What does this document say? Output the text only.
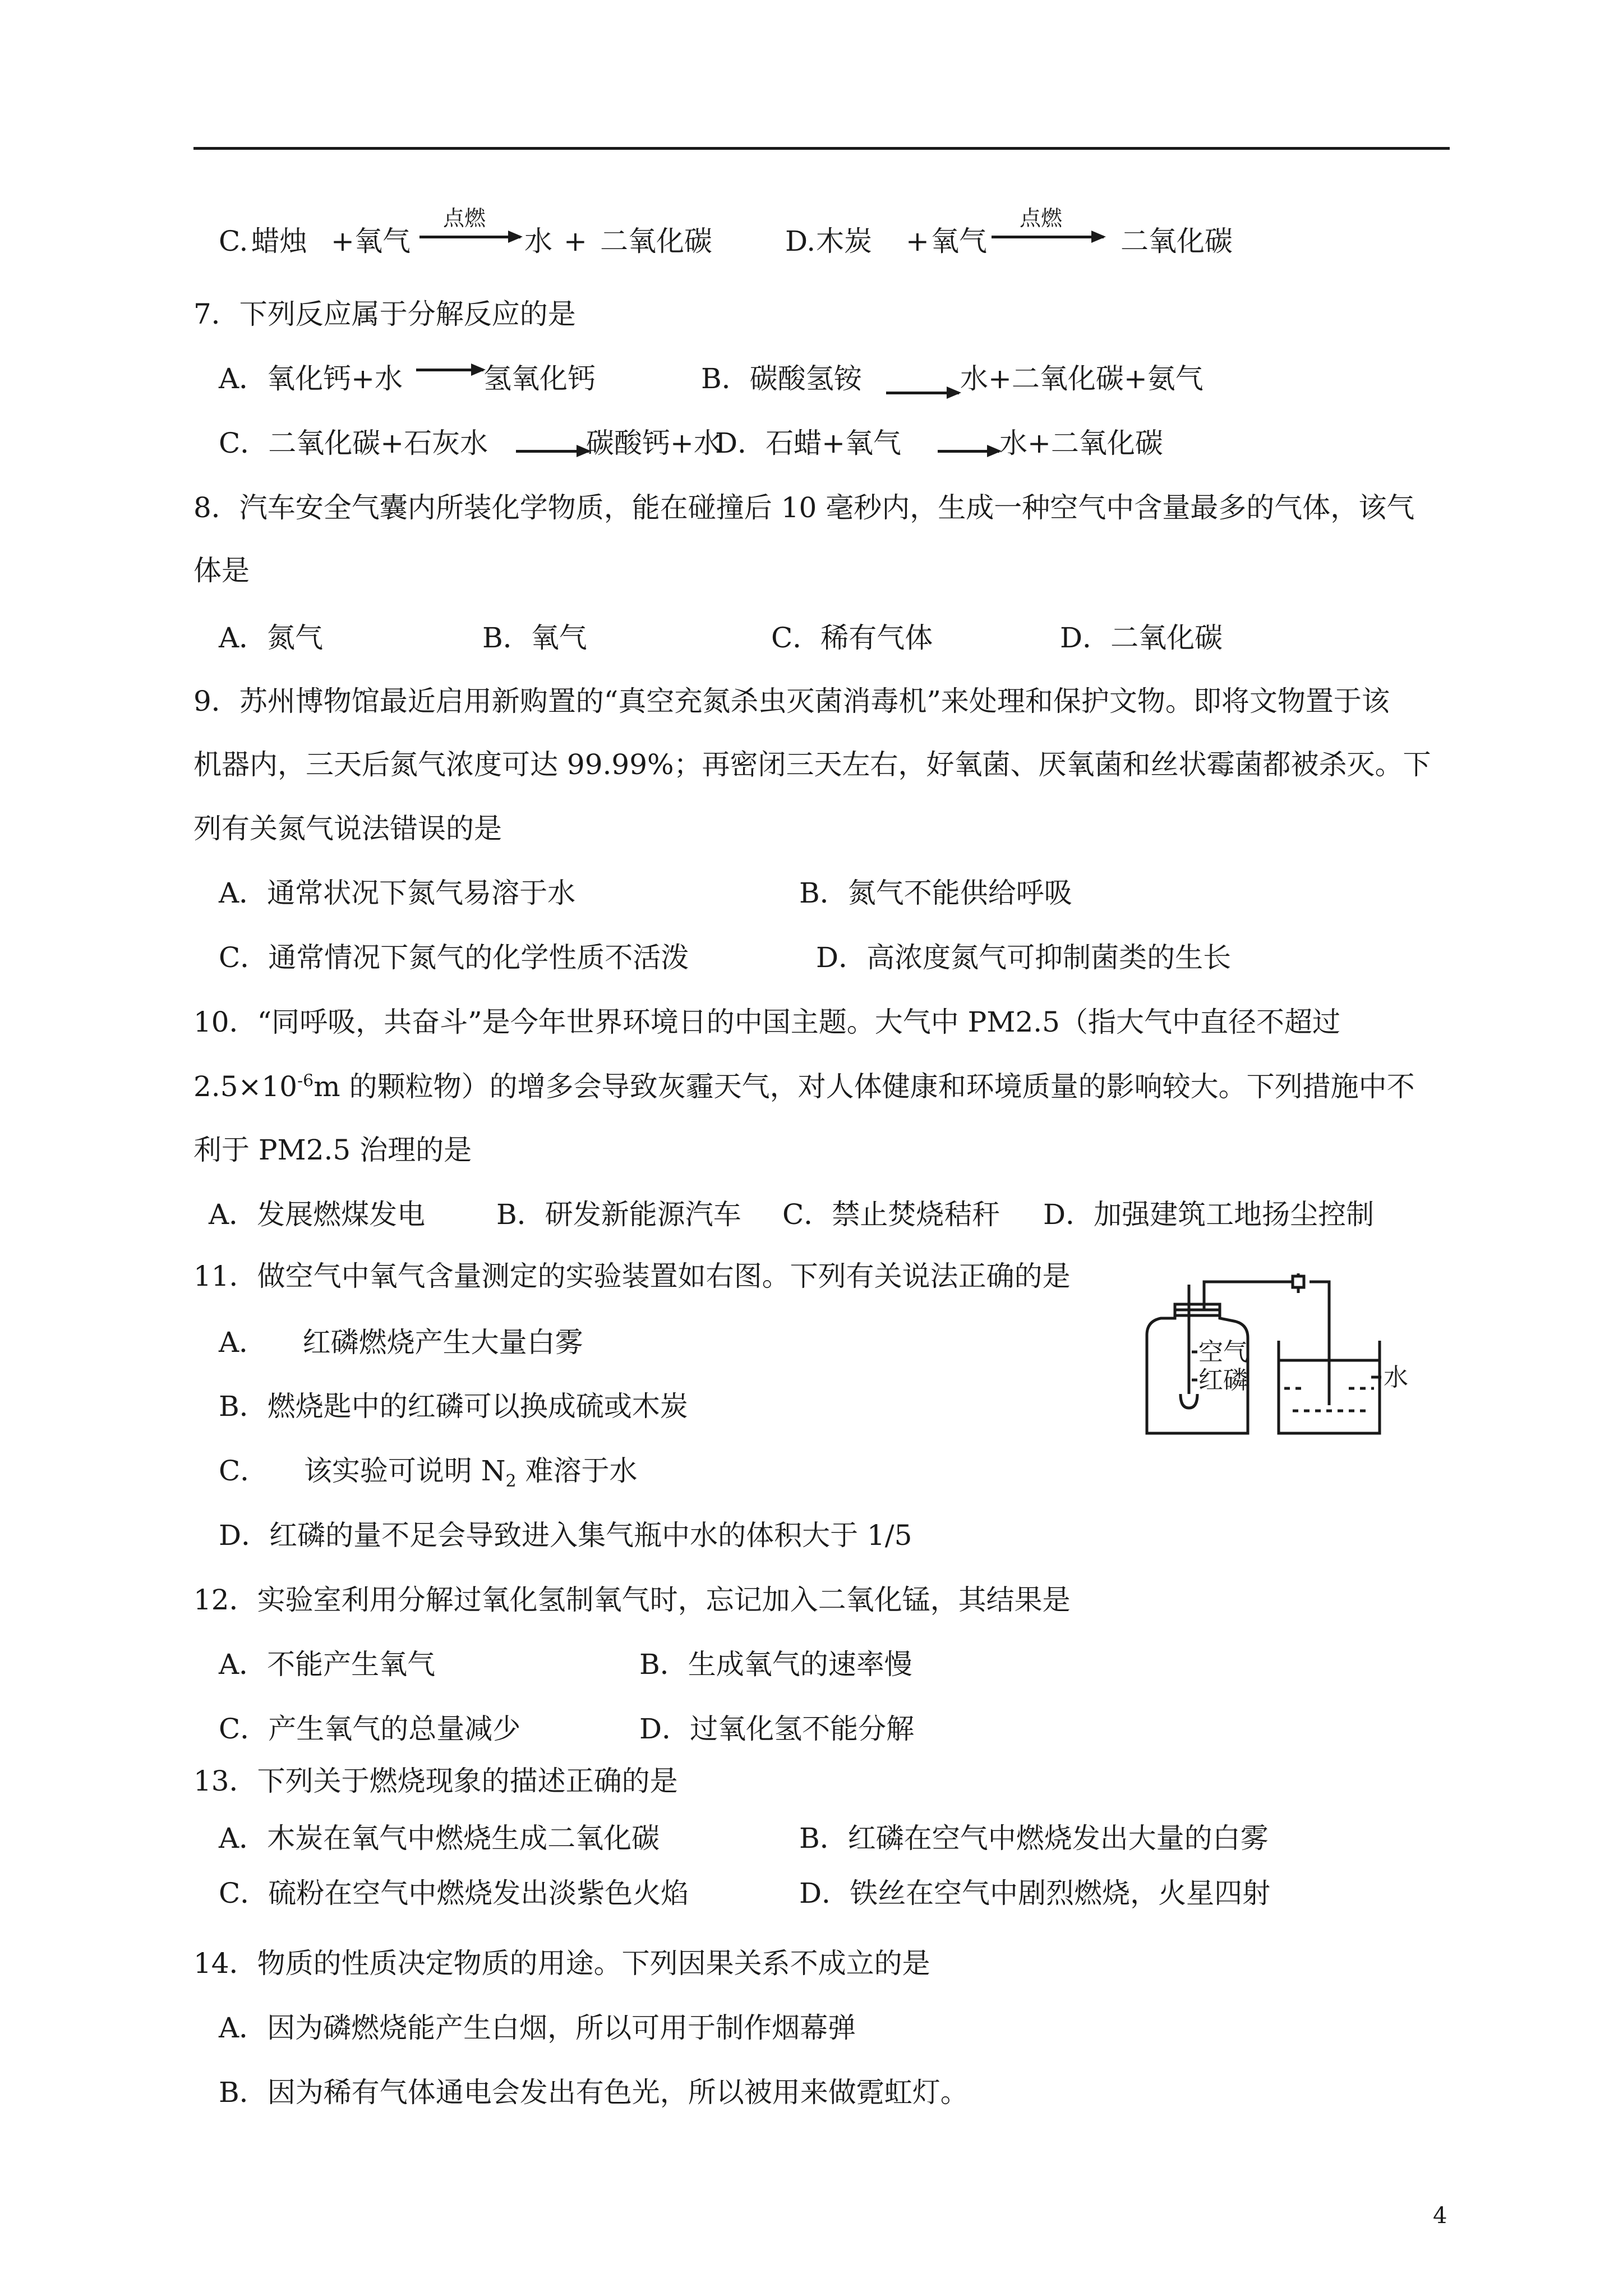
C. 蜡烛 + 氧气
点燃
水 + 二氧化碳	D. 木炭 + 氧气
点燃
二氧化碳
7．下列反应属于分解反应的是
A．氧化钙+水	氢氧化钙	B．碳酸氢铵	水+二氧化碳+氨气
C．二氧化碳+石灰水	碳酸钙+水
D．石蜡+氧气	水+二氧化碳
8．汽车安全气囊内所装化学物质，能在碰撞后 10 毫秒内，生成一种空气中含量最多的气体，该气
体是
A．氮气	B．氧气	C．稀有气体	D．二氧化碳
9．苏州博物馆最近启用新购置的“真空充氮杀虫灭菌消毒机”来处理和保护文物。即将文物置于该
机器内，三天后氮气浓度可达 99.99%；再密闭三天左右，好氧菌、厌氧菌和丝状霉菌都被杀灭。下
列有关氮气说法错误的是
A．通常状况下氮气易溶于水	B．氮气不能供给呼吸
C．通常情况下氮气的化学性质不活泼	D．高浓度氮气可抑制菌类的生长
10．“同呼吸，共奋斗”是今年世界环境日的中国主题。大气中 PM2.5（指大气中直径不超过
$2.5\times 10^{-6}m$ 的颗粒物）的增多会导致灰霾天气，对人体健康和环境质量的影响较大。下列措施中不
利于 PM2.5 治理的是
A．发展燃煤发电	B．研发新能源汽车 C．禁止焚烧秸秆 D．加强建筑工地扬尘控制
11．做空气中氧气含量测定的实验装置如右图。下列有关说法正确的是
A．    红磷燃烧产生大量白雾
B．燃烧匙中的红磷可以换成硫或木炭
C．    该实验可说明 $N_2$ 难溶于水
D．红磷的量不足会导致进入集气瓶中水的体积大于 1/5
空气
红磷	水
12．实验室利用分解过氧化氢制氧气时，忘记加入二氧化锰，其结果是
A．不能产生氧气	B．生成氧气的速率慢
C．产生氧气的总量减少	D．过氧化氢不能分解
13．下列关于燃烧现象的描述正确的是
A．木炭在氧气中燃烧生成二氧化碳	B．红磷在空气中燃烧发出大量的白雾
C．硫粉在空气中燃烧发出淡紫色火焰	D．铁丝在空气中剧烈燃烧，火星四射
14．物质的性质决定物质的用途。下列因果关系不成立的是
A．因为磷燃烧能产生白烟，所以可用于制作烟幕弹
B．因为稀有气体通电会发出有色光，所以被用来做霓虹灯。
4
